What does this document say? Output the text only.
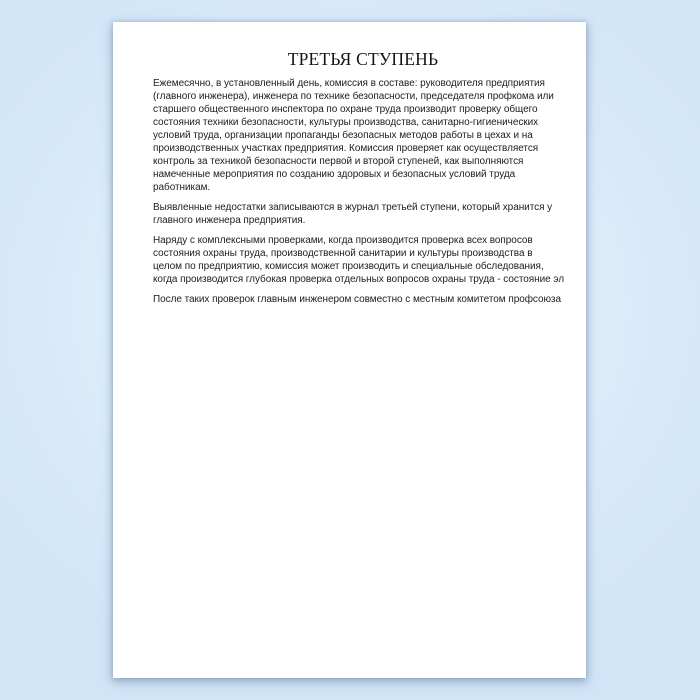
ТРЕТЬЯ СТУПЕНЬ
Ежемесячно, в установленный день, комиссия в составе: руководителя предприятия
(главного инженера), инженера по технике безопасности, председателя профкома или
старшего общественного инспектора по охране труда производит проверку общего
состояния техники безопасности, культуры производства, санитарно-гигиенических
условий труда, организации пропаганды безопасных методов работы в цехах и на
производственных участках предприятия. Комиссия проверяет как осуществляется
контроль за техникой безопасности первой и второй ступеней, как выполняются
намеченные мероприятия по созданию здоровых и безопасных условий труда
работникам.
Выявленные недостатки записываются в журнал третьей ступени, который хранится у
главного инженера предприятия.
Наряду с комплексными проверками, когда производится проверка всех вопросов
состояния охраны труда, производственной санитарии и культуры производства в
целом по предприятию, комиссия может производить и специальные обследования,
когда производится глубокая проверка отдельных вопросов охраны труда - состояние эл
После таких проверок главным инженером совместно с местным комитетом профсоюза
